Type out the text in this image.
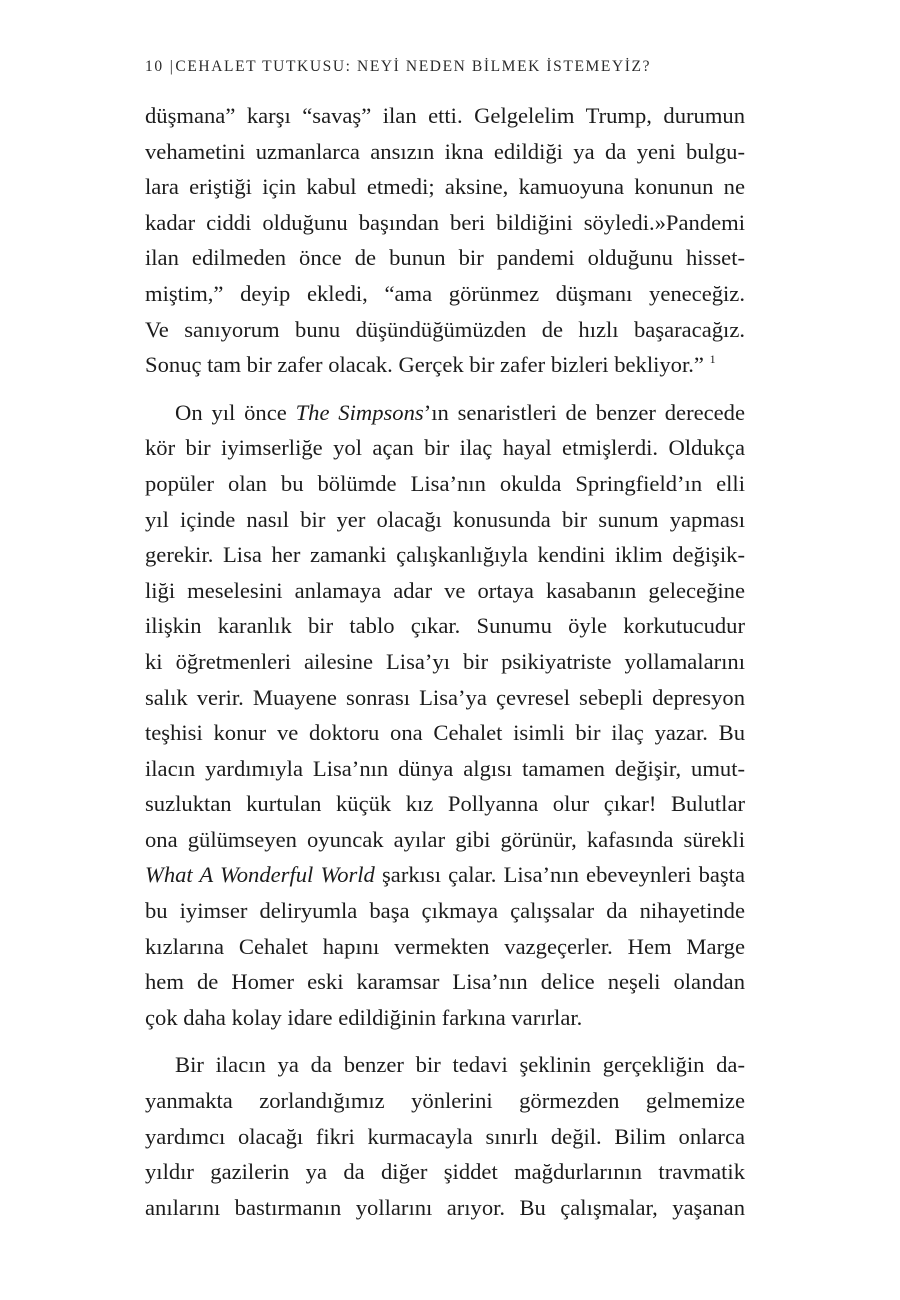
10 |CEHALET TUTKUSU: NEYİ NEDEN BİLMEK İSTEMEYİZ?
düşmana” karşı “savaş” ilan etti. Gelgelelim Trump, durumun
vehametini uzmanlarca ansızın ikna edildiği ya da yeni bulgu-
lara eriştiği için kabul etmedi; aksine, kamuoyuna konunun ne
kadar ciddi olduğunu başından beri bildiğini söyledi.»Pandemi
ilan edilmeden önce de bunun bir pandemi olduğunu hisset-
miştim,” deyip ekledi, “ama görünmez düşmanı yeneceğiz.
Ve sanıyorum bunu düşündüğümüzden de hızlı başaracağız.
Sonuç tam bir zafer olacak. Gerçek bir zafer bizleri bekliyor.” $^1$
On yıl önce The Simpsons’ın senaristleri de benzer derecede
kör bir iyimserliğe yol açan bir ilaç hayal etmişlerdi. Oldukça
popüler olan bu bölümde Lisa’nın okulda Springfield’ın elli
yıl içinde nasıl bir yer olacağı konusunda bir sunum yapması
gerekir. Lisa her zamanki çalışkanlığıyla kendini iklim değişik-
liği meselesini anlamaya adar ve ortaya kasabanın geleceğine
ilişkin karanlık bir tablo çıkar. Sunumu öyle korkutucudur
ki öğretmenleri ailesine Lisa’yı bir psikiyatriste yollamalarını
salık verir. Muayene sonrası Lisa’ya çevresel sebepli depresyon
teşhisi konur ve doktoru ona Cehalet isimli bir ilaç yazar. Bu
ilacın yardımıyla Lisa’nın dünya algısı tamamen değişir, umut-
suzluktan kurtulan küçük kız Pollyanna olur çıkar! Bulutlar
ona gülümseyen oyuncak ayılar gibi görünür, kafasında sürekli
What A Wonderful World şarkısı çalar. Lisa’nın ebeveynleri başta
bu iyimser deliryumla başa çıkmaya çalışsalar da nihayetinde
kızlarına Cehalet hapını vermekten vazgeçerler. Hem Marge
hem de Homer eski karamsar Lisa’nın delice neşeli olandan
çok daha kolay idare edildiğinin farkına varırlar.
Bir ilacın ya da benzer bir tedavi şeklinin gerçekliğin da-
yanmakta zorlandığımız yönlerini görmezden gelmemize
yardımcı olacağı fikri kurmacayla sınırlı değil. Bilim onlarca
yıldır gazilerin ya da diğer şiddet mağdurlarının travmatik
anılarını bastırmanın yollarını arıyor. Bu çalışmalar, yaşanan
